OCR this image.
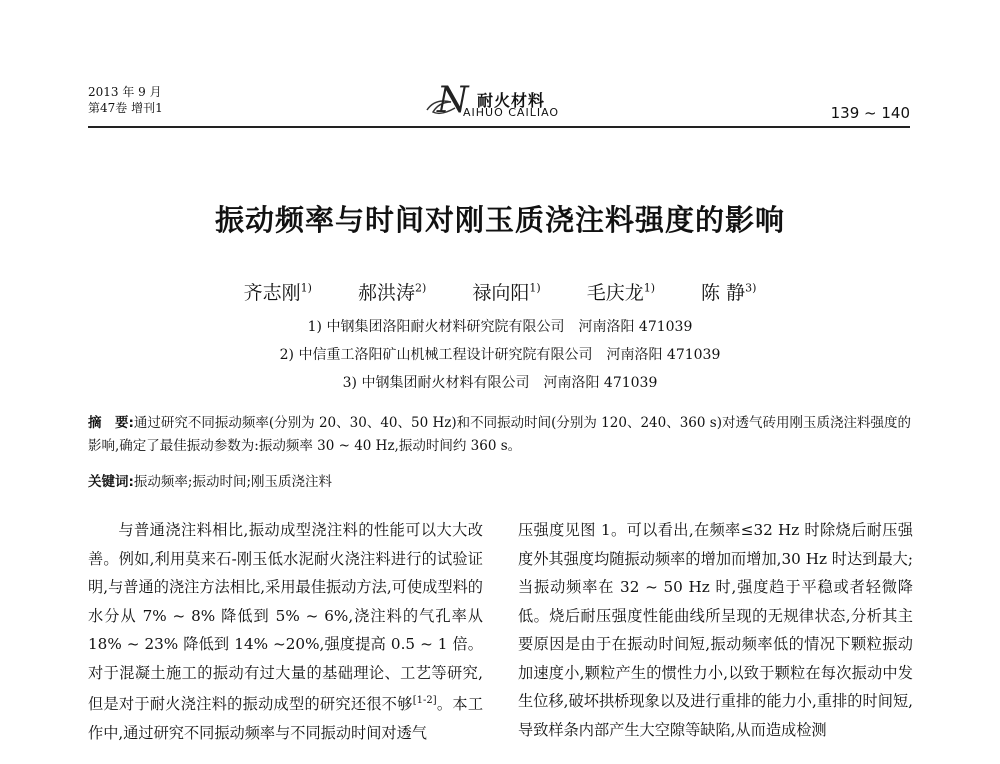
2013 年 9 月
第47卷 增刊1	N 耐火材料
AIHUO CAILIAO	139 ~ 140
振动频率与时间对刚玉质浇注料强度的影响
齐志刚$^{1)}$ 郝洪涛$^{2)}$ 禄向阳$^{1)}$ 毛庆龙$^{1)}$ 陈 静$^{3)}$
1) 中钢集团洛阳耐火材料研究院有限公司　河南洛阳 471039
2) 中信重工洛阳矿山机械工程设计研究院有限公司　河南洛阳 471039
3) 中钢集团耐火材料有限公司　河南洛阳 471039
摘　要:通过研究不同振动频率(分别为 20、30、40、50 Hz)和不同振动时间(分别为 120、240、360 s)对透气砖用刚玉质浇注料强度的影响,确定了最佳振动参数为:振动频率 30 ~ 40 Hz,振动时间约 360 s。
关键词:振动频率;振动时间;刚玉质浇注料

与普通浇注料相比,振动成型浇注料的性能可以大大改善。例如,利用莫来石-刚玉低水泥耐火浇注料进行的试验证明,与普通的浇注方法相比,采用最佳振动方法,可使成型料的水分从 7% ~ 8% 降低到 5% ~ 6%,浇注料的气孔率从 18% ~ 23% 降低到 14% ~20%,强度提高 0.5 ~ 1 倍。对于混凝土施工的振动有过大量的基础理论、工艺等研究,但是对于耐火浇注料的振动成型的研究还很不够[1-2]。本工作中,通过研究不同振动频率与不同振动时间对透气

压强度见图 1。可以看出,在频率≤32 Hz 时除烧后耐压强度外其强度均随振动频率的增加而增加,30 Hz 时达到最大;当振动频率在 32 ~ 50 Hz 时,强度趋于平稳或者轻微降低。烧后耐压强度性能曲线所呈现的无规律状态,分析其主要原因是由于在振动时间短,振动频率低的情况下颗粒振动加速度小,颗粒产生的惯性力小,以致于颗粒在每次振动中发生位移,破坏拱桥现象以及进行重排的能力小,重排的时间短,导致样条内部产生大空隙等缺陷,从而造成检测
